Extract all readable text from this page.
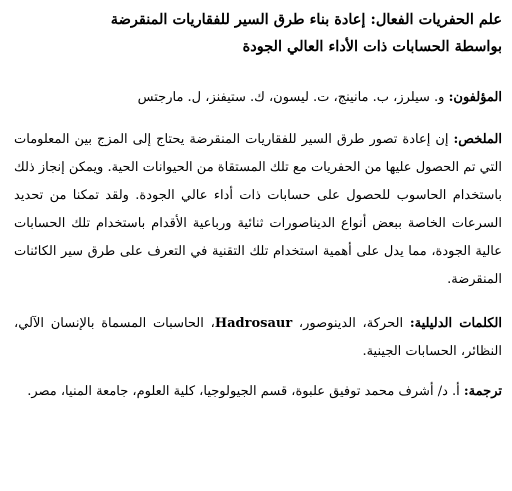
علم الحفريات الفعال: إعادة بناء طرق السير للفقاريات المنقرضة
بواسطة الحسابات ذات الأداء العالي الجودة

المؤلفون: و. سيلرز، ب. مانينج، ت. ليسون، ك. ستيفنز، ل. مارجتس

الملخص: إن إعادة تصور طرق السير للفقاريات المنقرضة يحتاج إلى المزج بين المعلومات التي تم الحصول عليها من الحفريات مع تلك المستقاة من الحيوانات الحية. ويمكن إنجاز ذلك باستخدام الحاسوب للحصول على حسابات ذات أداء عالي الجودة. ولقد تمكنا من تحديد السرعات الخاصة ببعض أنواع الديناصورات ثنائية ورباعية الأقدام باستخدام تلك الحسابات عالية الجودة، مما يدل على أهمية استخدام تلك التقنية في التعرف على طرق سير الكائنات المنقرضة.

الكلمات الدليلية: الحركة، الدينوصور، Hadrosaur، الحاسبات المسماة بالإنسان الآلي، النظائر، الحسابات الجينية.

ترجمة: أ. د/ أشرف محمد توفيق علبوة، قسم الجيولوجيا، كلية العلوم، جامعة المنيا، مصر.
